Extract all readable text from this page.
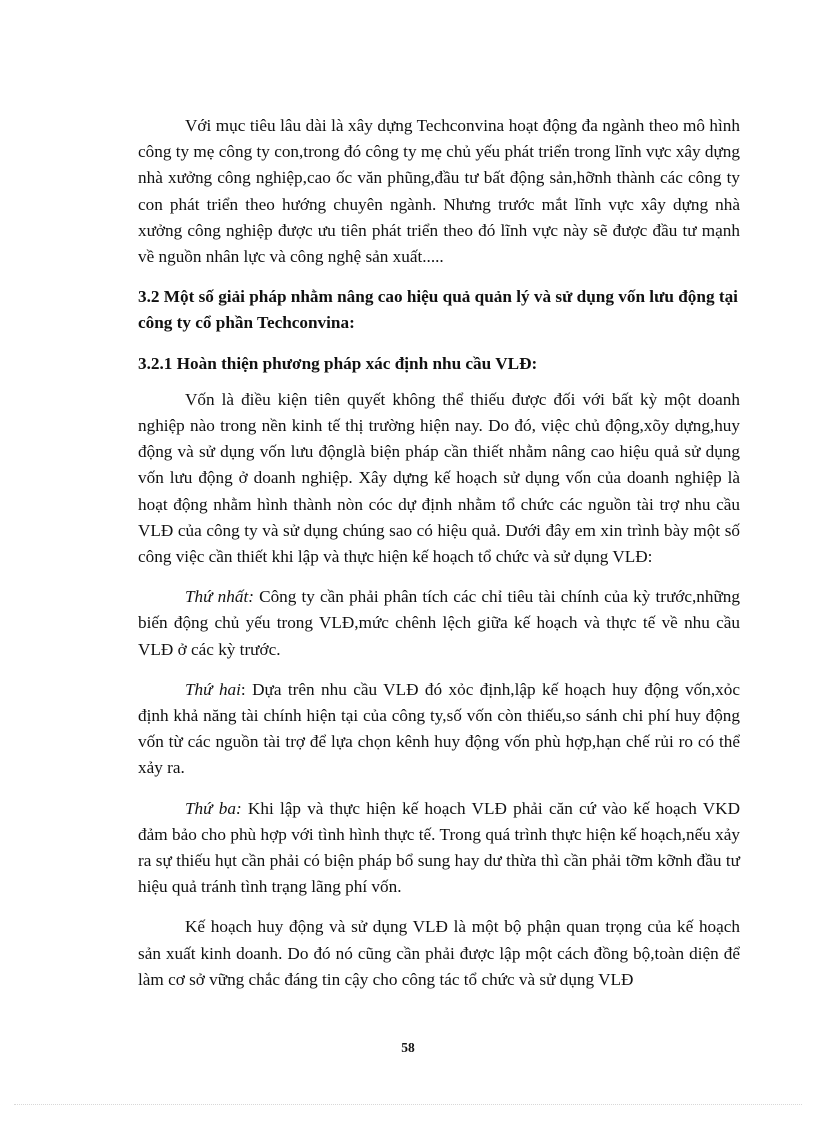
Với mục tiêu lâu dài là xây dựng Techconvina hoạt động đa ngành theo mô hình công ty mẹ công ty con,trong đó công ty mẹ chủ yếu phát triển trong lĩnh vực xây dựng nhà xưởng công nghiệp,cao ốc văn phũng,đầu tư bất động sản,hỡnh thành các công ty con phát triển theo hướng chuyên ngành. Nhưng trước mắt lĩnh vực xây dựng nhà xưởng công nghiệp được ưu tiên phát triển theo đó lĩnh vực này sẽ được đầu tư mạnh về nguồn nhân lực và công nghệ sản xuất.....

3.2 Một số giải pháp nhằm nâng cao hiệu quả quản lý và sử dụng vốn lưu động tại công ty cổ phần Techconvina:

3.2.1 Hoàn thiện phương pháp xác định nhu cầu VLĐ:

Vốn là điều kiện tiên quyết không thể thiếu được đối với bất kỳ một doanh nghiệp nào trong nền kinh tế thị trường hiện nay. Do đó, việc chủ động,xõy dựng,huy động và sử dụng vốn lưu độnglà biện pháp cần thiết nhằm nâng cao hiệu quả sử dụng vốn lưu động ở doanh nghiệp. Xây dựng kế hoạch sử dụng vốn của doanh nghiệp là hoạt động nhằm hình thành nòn cóc dự định nhằm tổ chức các nguồn tài trợ nhu cầu VLĐ của công ty và sử dụng chúng sao có hiệu quả. Dưới đây em xin trình bày một số công việc cần thiết khi lập và thực hiện kế hoạch tổ chức và sử dụng VLĐ:

Thứ nhất: Công ty cần phải phân tích các chỉ tiêu tài chính của kỳ trước,những biến động chủ yếu trong VLĐ,mức chênh lệch giữa kế hoạch và thực tế về nhu cầu VLĐ ở các kỳ trước.

Thứ hai: Dựa trên nhu cầu VLĐ đó xỏc định,lập kế hoạch huy động vốn,xỏc định khả năng tài chính hiện tại của công ty,số vốn còn thiếu,so sánh chi phí huy động vốn từ các nguồn tài trợ để lựa chọn kênh huy động vốn phù hợp,hạn chế rủi ro có thể xảy ra.

Thứ ba: Khi lập và thực hiện kế hoạch VLĐ phải căn cứ vào kế hoạch VKD đảm bảo cho phù hợp với tình hình thực tế. Trong quá trình thực hiện kế hoạch,nếu xảy ra sự thiếu hụt cần phải có biện pháp bổ sung hay dư thừa thì cần phải tỡm kỡnh đầu tư hiệu quả tránh tình trạng lãng phí vốn.

Kế hoạch huy động và sử dụng VLĐ là một bộ phận quan trọng của kế hoạch sản xuất kinh doanh. Do đó nó cũng cần phải được lập một cách đồng bộ,toàn diện để làm cơ sở vững chắc đáng tin cậy cho công tác tổ chức và sử dụng VLĐ

58
